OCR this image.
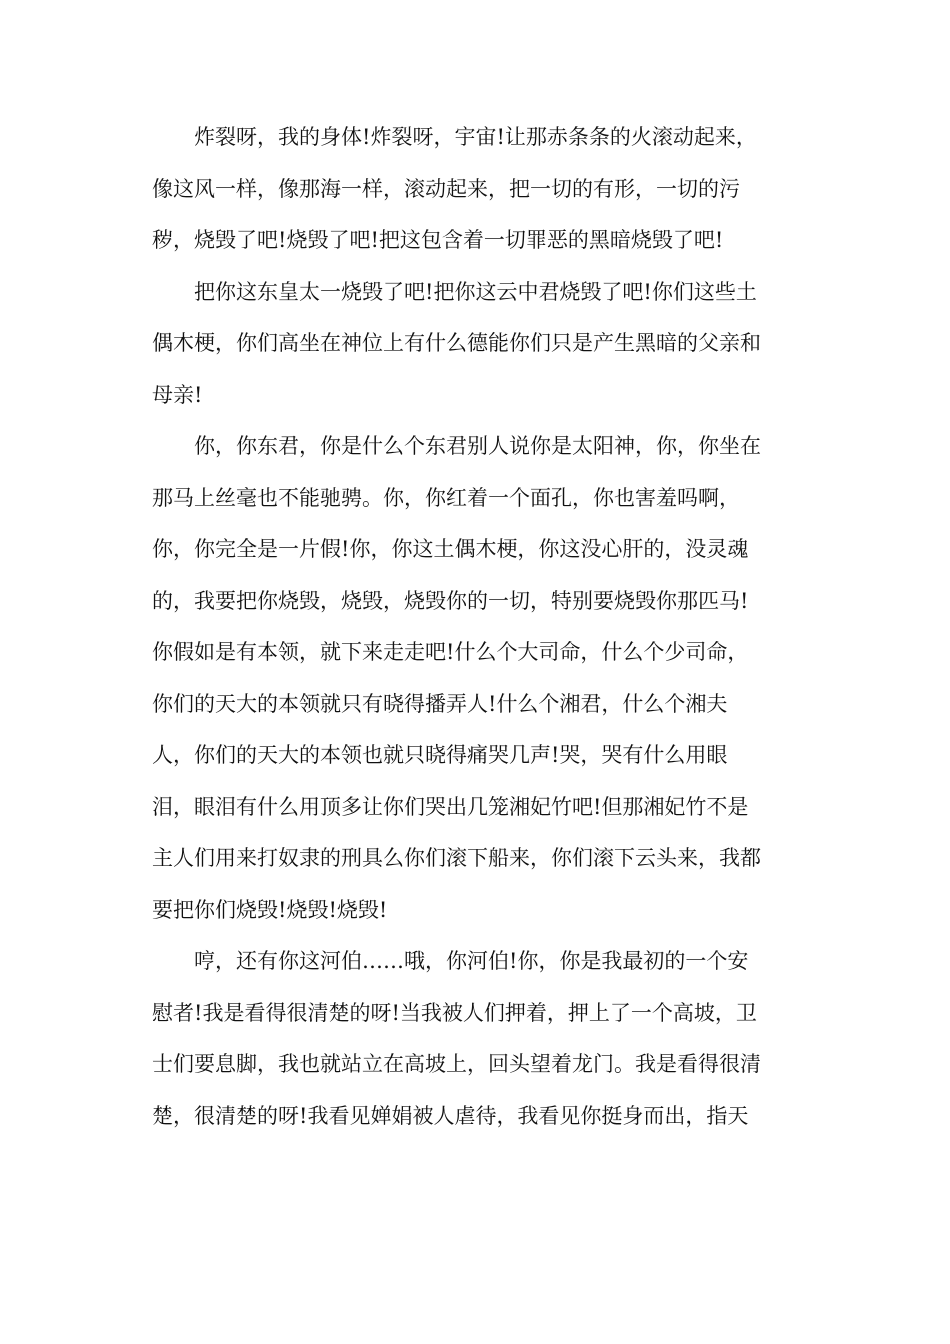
炸裂呀，我的身体!炸裂呀，宇宙!让那赤条条的火滚动起来，
像这风一样，像那海一样，滚动起来，把一切的有形，一切的污
秽，烧毁了吧!烧毁了吧!把这包含着一切罪恶的黑暗烧毁了吧!
把你这东皇太一烧毁了吧!把你这云中君烧毁了吧!你们这些土
偶木梗，你们高坐在神位上有什么德能你们只是产生黑暗的父亲和
母亲!
你，你东君，你是什么个东君别人说你是太阳神，你，你坐在
那马上丝毫也不能驰骋。你，你红着一个面孔，你也害羞吗啊，
你，你完全是一片假!你，你这土偶木梗，你这没心肝的，没灵魂
的，我要把你烧毁，烧毁，烧毁你的一切，特别要烧毁你那匹马!
你假如是有本领，就下来走走吧!什么个大司命，什么个少司命，
你们的天大的本领就只有晓得播弄人!什么个湘君，什么个湘夫
人，你们的天大的本领也就只晓得痛哭几声!哭，哭有什么用眼
泪，眼泪有什么用顶多让你们哭出几笼湘妃竹吧!但那湘妃竹不是
主人们用来打奴隶的刑具么你们滚下船来，你们滚下云头来，我都
要把你们烧毁!烧毁!烧毁!
哼，还有你这河伯……哦，你河伯!你，你是我最初的一个安
慰者!我是看得很清楚的呀!当我被人们押着，押上了一个高坡，卫
士们要息脚，我也就站立在高坡上，回头望着龙门。我是看得很清
楚，很清楚的呀!我看见婵娟被人虐待，我看见你挺身而出，指天
